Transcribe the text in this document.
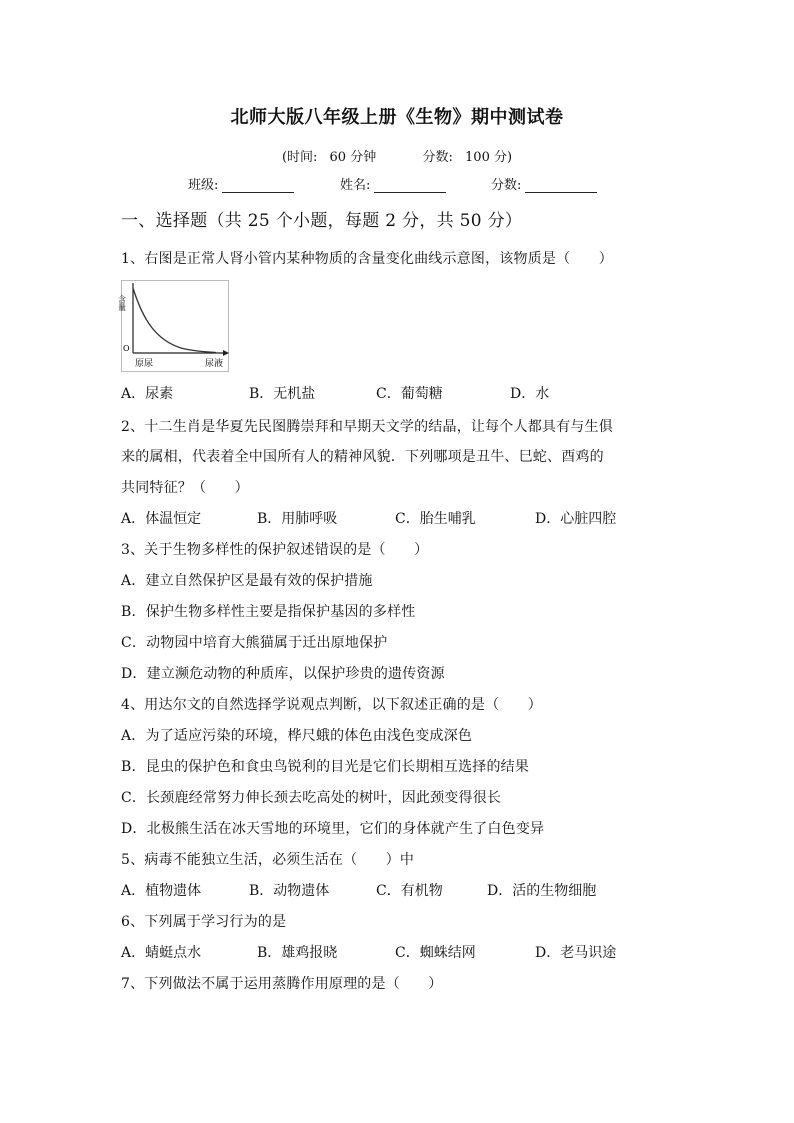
北师大版八年级上册《生物》期中测试卷
(时间: 60 分钟	分数: 100 分)
班级:	姓名:	分数:
一、选择题（共 25 个小题，每题 2 分，共 50 分）
1、右图是正常人肾小管内某种物质的含量变化曲线示意图，该物质是（　　）
含量
O
原尿	尿液
A．尿素	B．无机盐	C．葡萄糖	D．水
2、十二生肖是华夏先民图腾崇拜和早期天文学的结晶，让每个人都具有与生俱
来的属相，代表着全中国所有人的精神风貌．下列哪项是丑牛、巳蛇、酉鸡的
共同特征？（　　）
A．体温恒定	B．用肺呼吸	C．胎生哺乳	D．心脏四腔
3、关于生物多样性的保护叙述错误的是（　　）
A．建立自然保护区是最有效的保护措施
B．保护生物多样性主要是指保护基因的多样性
C．动物园中培育大熊猫属于迁出原地保护
D．建立濒危动物的种质库，以保护珍贵的遗传资源
4、用达尔文的自然选择学说观点判断，以下叙述正确的是（　　）
A．为了适应污染的环境，桦尺蛾的体色由浅色变成深色
B．昆虫的保护色和食虫鸟锐利的目光是它们长期相互选择的结果
C．长颈鹿经常努力伸长颈去吃高处的树叶，因此颈变得很长
D．北极熊生活在冰天雪地的环境里，它们的身体就产生了白色变异
5、病毒不能独立生活，必须生活在（　　）中
A．植物遗体	B．动物遗体	C．有机物	D．活的生物细胞
6、下列属于学习行为的是
A．蜻蜓点水	B．雄鸡报晓	C．蜘蛛结网	D．老马识途
7、下列做法不属于运用蒸腾作用原理的是（　　）
